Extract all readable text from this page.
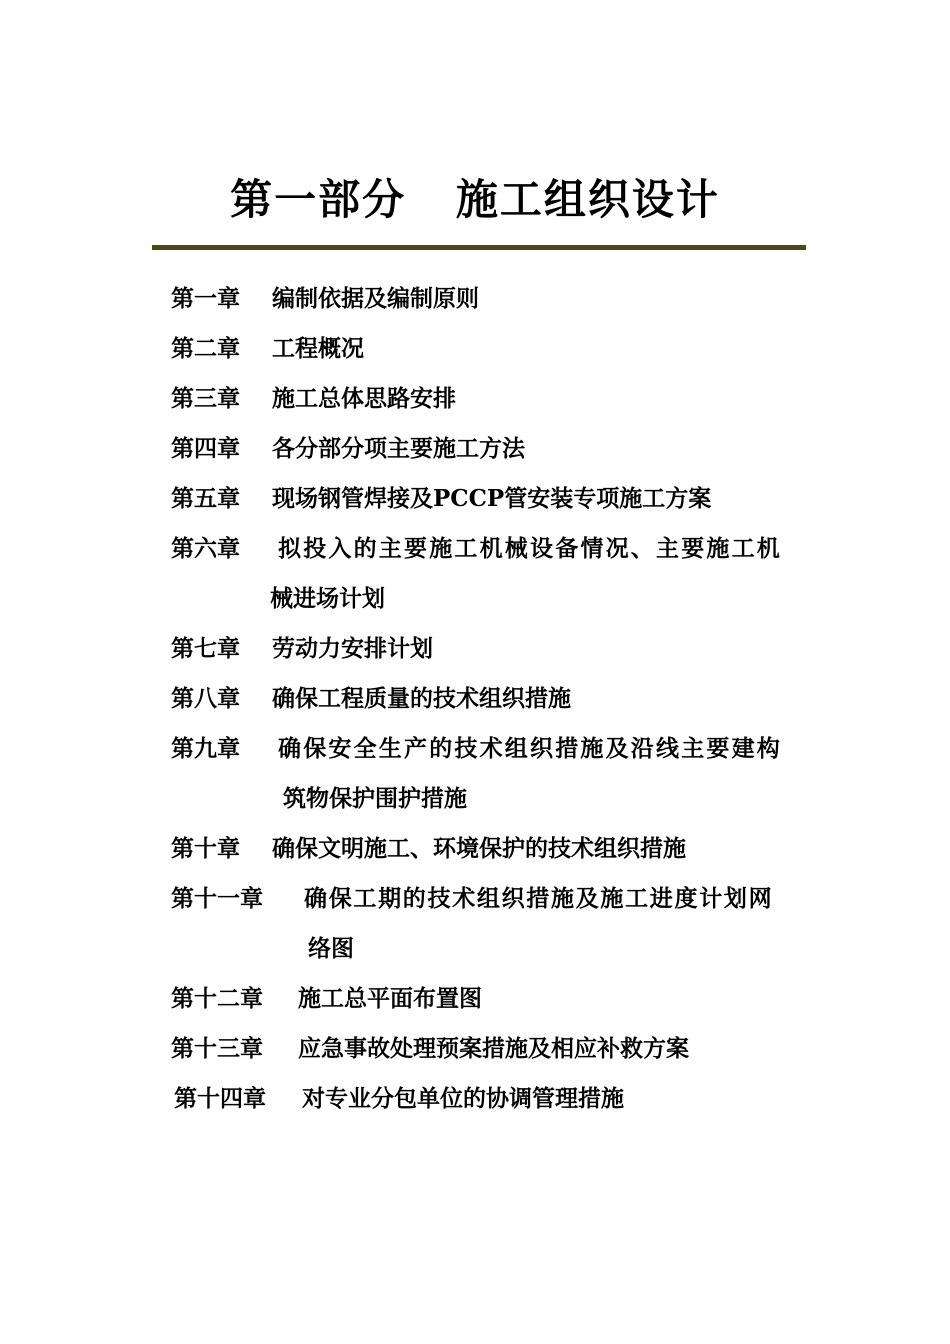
第一部分   施工组织设计
第一章 编制依据及编制原则
第二章 工程概况
第三章 施工总体思路安排
第四章 各分部分项主要施工方法
第五章 现场钢管焊接及PCCP管安装专项施工方案
第六章 拟投入的主要施工机械设备情况、主要施工机
械进场计划
第七章 劳动力安排计划
第八章 确保工程质量的技术组织措施
第九章 确保安全生产的技术组织措施及沿线主要建构
筑物保护围护措施
第十章 确保文明施工、环境保护的技术组织措施
第十一章 确保工期的技术组织措施及施工进度计划网
络图
第十二章 施工总平面布置图
第十三章 应急事故处理预案措施及相应补救方案
第十四章 对专业分包单位的协调管理措施
